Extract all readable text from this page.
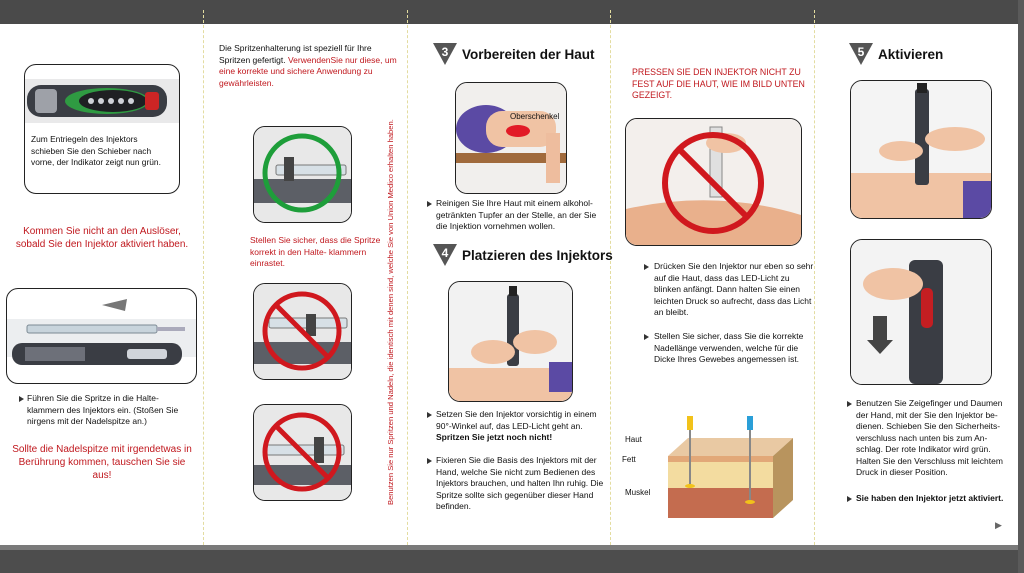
Zum Entriegeln des Injektors schieben Sie den Schieber nach vorne, der Indikator zeigt nun grün.
Kommen Sie nicht an den Auslöser, sobald Sie den Injektor aktiviert haben.
Führen Sie die Spritze in die Halte- klammern des Injektors ein. (Stoßen Sie nirgens mit der Nadelspitze an.)
Sollte die Nadelspitze mit irgendetwas in Berührung kommen, tauschen Sie sie aus!
Die Spritzenhalterung ist speziell für Ihre Spritzen gefertigt. VerwendenSie nur diese, um eine korrekte und sichere Anwendung zu gewährleisten.
Stellen Sie sicher, dass die Spritze korrekt in den Halte- klammern einrastet.	Benutzen Sie nur Spritzen und Nadeln, die identisch mit denen sind, welche Sie von Union Medico erhalten haben.
3	Vorbereiten der Haut
Oberschenkel
Reinigen Sie Ihre Haut mit einem alkohol- getränkten Tupfer an der Stelle, an der Sie die Injektion vornehmen wollen.
4	Platzieren des Injektors
Setzen Sie den Injektor vorsichtig in einem 90°-Winkel auf, das LED-Licht geht an. Spritzen Sie jetzt noch nicht!
Fixieren Sie die Basis des Injektors mit der Hand, welche Sie nicht zum Bedienen des Injektors brauchen, und halten Ihn ruhig. Die Spritze sollte sich gegenüber dieser Hand befinden.
PRESSEN SIE DEN INJEKTOR NICHT ZU FEST AUF DIE HAUT, WIE IM BILD UNTEN GEZEIGT.
Drücken Sie den Injektor nur eben so sehr auf die Haut, dass das LED-Licht zu blinken anfängt. Dann halten Sie einen leichten Druck so aufrecht, dass das Licht an bleibt.
Stellen Sie sicher, dass Sie die korrekte Nadellänge verwenden, welche für die Dicke Ihres Gewebes angemessen ist.
Haut
Fett
Muskel
5	Aktivieren
Benutzen Sie Zeigefinger und Daumen der Hand, mit der Sie den Injektor be- dienen. Schieben Sie den Sicherheits- verschluss nach unten bis zum An- schlag. Der rote Indikator wird grün. Halten Sie den Verschluss mit leichtem Druck in dieser Position.
Sie haben den Injektor jetzt aktiviert.
▶
